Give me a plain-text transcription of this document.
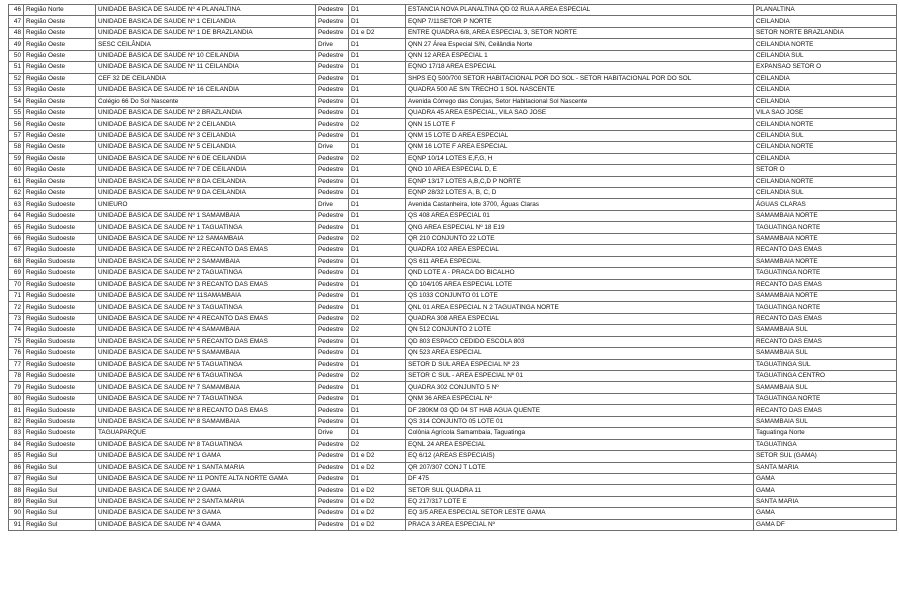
46	Região Norte	UNIDADE BASICA DE SAUDE Nº 4 PLANALTINA	Pedestre	D1	ESTANCIA NOVA PLANALTINA QD 02 RUA A AREA ESPECIAL	PLANALTINA
47	Região Oeste	UNIDADE BASICA DE SAUDE Nº 1 CEILANDIA	Pedestre	D1	EQNP 7/11SETOR P NORTE	CEILANDIA
48	Região Oeste	UNIDADE BASICA DE SAUDE Nº 1 DE BRAZLANDIA	Pedestre	D1 e D2	ENTRE QUADRA 6/8, AREA ESPECIAL 3, SETOR NORTE	SETOR NORTE BRAZLANDIA
49	Região Oeste	SESC CEILÂNDIA	Drive	D1	QNN 27 Área Especial S/N, Ceilândia Norte	CEILANDIA NORTE
50	Região Oeste	UNIDADE BASICA DE SAUDE Nº 10 CEILANDIA	Pedestre	D1	QNN 12 AREA ESPECIAL 1	CEILANDIA SUL
51	Região Oeste	UNIDADE BASICA DE SAUDE Nº 11 CEILANDIA	Pedestre	D1	EQNO 17/18 AREA ESPECIAL	EXPANSAO SETOR O
52	Região Oeste	CEF 32 DE CEILANDIA	Pedestre	D1	SHPS EQ 500/700 SETOR HABITACIONAL POR DO SOL - SETOR HABITACIONAL POR DO SOL	CEILANDIA
53	Região Oeste	UNIDADE BASICA DE SAUDE Nº 16 CEILANDIA	Pedestre	D1	QUADRA 500 AE S/N TRECHO 1 SOL NASCENTE	CEILANDIA
54	Região Oeste	Colégio 66 Do Sol Nascente	Pedestre	D1	Avenida Córrego das Corujas, Setor Habitacional Sol Nascente	CEILANDIA
55	Região Oeste	UNIDADE BASICA DE SAUDE Nº 2 BRAZLANDIA	Pedestre	D1	QUADRA 45 AREA ESPECIAL, VILA SAO JOSE	VILA SAO JOSE
56	Região Oeste	UNIDADE BASICA DE SAUDE Nº 2 CEILANDIA	Pedestre	D2	QNN 15 LOTE F	CEILANDIA NORTE
57	Região Oeste	UNIDADE BASICA DE SAUDE Nº 3 CEILANDIA	Pedestre	D1	QNM 15 LOTE D AREA ESPECIAL	CEILANDIA SUL
58	Região Oeste	UNIDADE BASICA DE SAUDE Nº 5 CEILANDIA	Drive	D1	QNM 16 LOTE F AREA ESPECIAL	CEILANDIA NORTE
59	Região Oeste	UNIDADE BASICA DE SAUDE Nº 6 DE CEILANDIA	Pedestre	D2	EQNP 10/14 LOTES E,F,G, H	CEILANDIA
60	Região Oeste	UNIDADE BASICA DE SAUDE Nº 7 DE CEILANDIA	Pedestre	D1	QNO 10 AREA ESPECIAL D, E	SETOR O
61	Região Oeste	UNIDADE BASICA DE SAUDE Nº 8 DA CEILANDIA	Pedestre	D1	EQNP 13/17 LOTES A,B,C,D P NORTE	CEILANDIA NORTE
62	Região Oeste	UNIDADE BASICA DE SAUDE Nº 9 DA CEILANDIA	Pedestre	D1	EQNP 28/32 LOTES A, B, C, D	CEILANDIA SUL
63	Região Sudoeste	UNIEURO	Drive	D1	Avenida Castanheira, lote 3700, Águas Claras	ÁGUAS CLARAS
64	Região Sudoeste	UNIDADE BASICA DE SAUDE Nº 1 SAMAMBAIA	Pedestre	D1	QS 408 AREA ESPECIAL 01	SAMAMBAIA NORTE
65	Região Sudoeste	UNIDADE BASICA DE SAUDE Nº 1 TAGUATINGA	Pedestre	D1	QNG AREA ESPECIAL Nº 18 E19	TAGUATINGA NORTE
66	Região Sudoeste	UNIDADE BASICA DE SAUDE Nº 12 SAMAMBAIA	Pedestre	D2	QR 210 CONJUNTO 22 LOTE	SAMAMBAIA NORTE
67	Região Sudoeste	UNIDADE BASICA DE SAUDE Nº 2 RECANTO DAS EMAS	Pedestre	D1	QUADRA 102 AREA ESPECIAL	RECANTO DAS EMAS
68	Região Sudoeste	UNIDADE BASICA DE SAUDE Nº 2 SAMAMBAIA	Pedestre	D1	QS 611 AREA ESPECIAL	SAMAMBAIA NORTE
69	Região Sudoeste	UNIDADE BASICA DE SAUDE Nº 2 TAGUATINGA	Pedestre	D1	QND LOTE A - PRACA DO BICALHO	TAGUATINGA NORTE
70	Região Sudoeste	UNIDADE BASICA DE SAUDE Nº 3 RECANTO DAS EMAS	Pedestre	D1	QD 104/105 AREA ESPECIAL LOTE	RECANTO DAS EMAS
71	Região Sudoeste	UNIDADE BASICA DE SAUDE Nº 11SAMAMBAIA	Pedestre	D1	QS 1033 CONJUNTO 01 LOTE	SAMAMBAIA NORTE
72	Região Sudoeste	UNIDADE BASICA DE SAUDE Nº 3 TAGUATINGA	Pedestre	D1	QNL 01 AREA ESPECIAL N 2 TAGUATINGA NORTE	TAGUATINGA NORTE
73	Região Sudoeste	UNIDADE BASICA DE SAUDE Nº 4 RECANTO DAS EMAS	Pedestre	D2	QUADRA 308 AREA ESPECIAL	RECANTO DAS EMAS
74	Região Sudoeste	UNIDADE BASICA DE SAUDE Nº 4 SAMAMBAIA	Pedestre	D2	QN 512 CONJUNTO 2 LOTE	SAMAMBAIA SUL
75	Região Sudoeste	UNIDADE BASICA DE SAUDE Nº 5 RECANTO DAS EMAS	Pedestre	D1	QD 803 ESPACO CEDIDO ESCOLA 803	RECANTO DAS EMAS
76	Região Sudoeste	UNIDADE BASICA DE SAUDE Nº 5 SAMAMBAIA	Pedestre	D1	QN 523 AREA ESPECIAL	SAMAMBAIA SUL
77	Região Sudoeste	UNIDADE BASICA DE SAUDE Nº 5 TAGUATINGA	Pedestre	D1	SETOR D SUL AREA ESPECIAL Nº 23	TAGUATINGA SUL
78	Região Sudoeste	UNIDADE BASICA DE SAUDE Nº 6 TAGUATINGA	Pedestre	D2	SETOR C SUL - AREA ESPECIAL Nº 01	TAGUATINGA CENTRO
79	Região Sudoeste	UNIDADE BASICA DE SAUDE Nº 7 SAMAMBAIA	Pedestre	D1	QUADRA 302 CONJUNTO 5 Nº	SAMAMBAIA SUL
80	Região Sudoeste	UNIDADE BASICA DE SAUDE Nº 7 TAGUATINGA	Pedestre	D1	QNM 36 AREA ESPECIAL Nº	TAGUATINGA NORTE
81	Região Sudoeste	UNIDADE BASICA DE SAUDE Nº 8 RECANTO DAS EMAS	Pedestre	D1	DF 280KM 03 QD 04 ST HAB AGUA QUENTE	RECANTO DAS EMAS
82	Região Sudoeste	UNIDADE BASICA DE SAUDE Nº 8 SAMAMBAIA	Pedestre	D1	QS 314 CONJUNTO 05 LOTE 01	SAMAMBAIA SUL
83	Região Sudoeste	TAGUAPARQUE	Drive	D1	Colônia Agrícola Samambaia, Taguatinga	Taguatinga Norte
84	Região Sudoeste	UNIDADE BASICA DE SAUDE Nº 8 TAGUATINGA	Pedestre	D2	EQNL 24 AREA ESPECIAL	TAGUATINGA
85	Região Sul	UNIDADE BASICA DE SAUDE Nº 1 GAMA	Pedestre	D1 e D2	EQ 6/12 (AREAS ESPECIAIS)	SETOR SUL (GAMA)
86	Região Sul	UNIDADE BASICA DE SAUDE Nº 1 SANTA MARIA	Pedestre	D1 e D2	QR 207/307 CONJ T LOTE	SANTA MARIA
87	Região Sul	UNIDADE BASICA DE SAUDE Nº 11 PONTE ALTA NORTE GAMA	Pedestre	D1	DF 475	GAMA
88	Região Sul	UNIDADE BASICA DE SAUDE Nº 2 GAMA	Pedestre	D1 e D2	SETOR SUL QUADRA 11	GAMA
89	Região Sul	UNIDADE BASICA DE SAUDE Nº 2 SANTA MARIA	Pedestre	D1 e D2	EQ 217/317 LOTE E	SANTA MARIA
90	Região Sul	UNIDADE BASICA DE SAUDE Nº 3 GAMA	Pedestre	D1 e D2	EQ 3/5 AREA ESPECIAL SETOR LESTE GAMA	GAMA
91	Região Sul	UNIDADE BASICA DE SAUDE Nº 4 GAMA	Pedestre	D1 e D2	PRACA 3 AREA ESPECIAL Nº	GAMA DF
